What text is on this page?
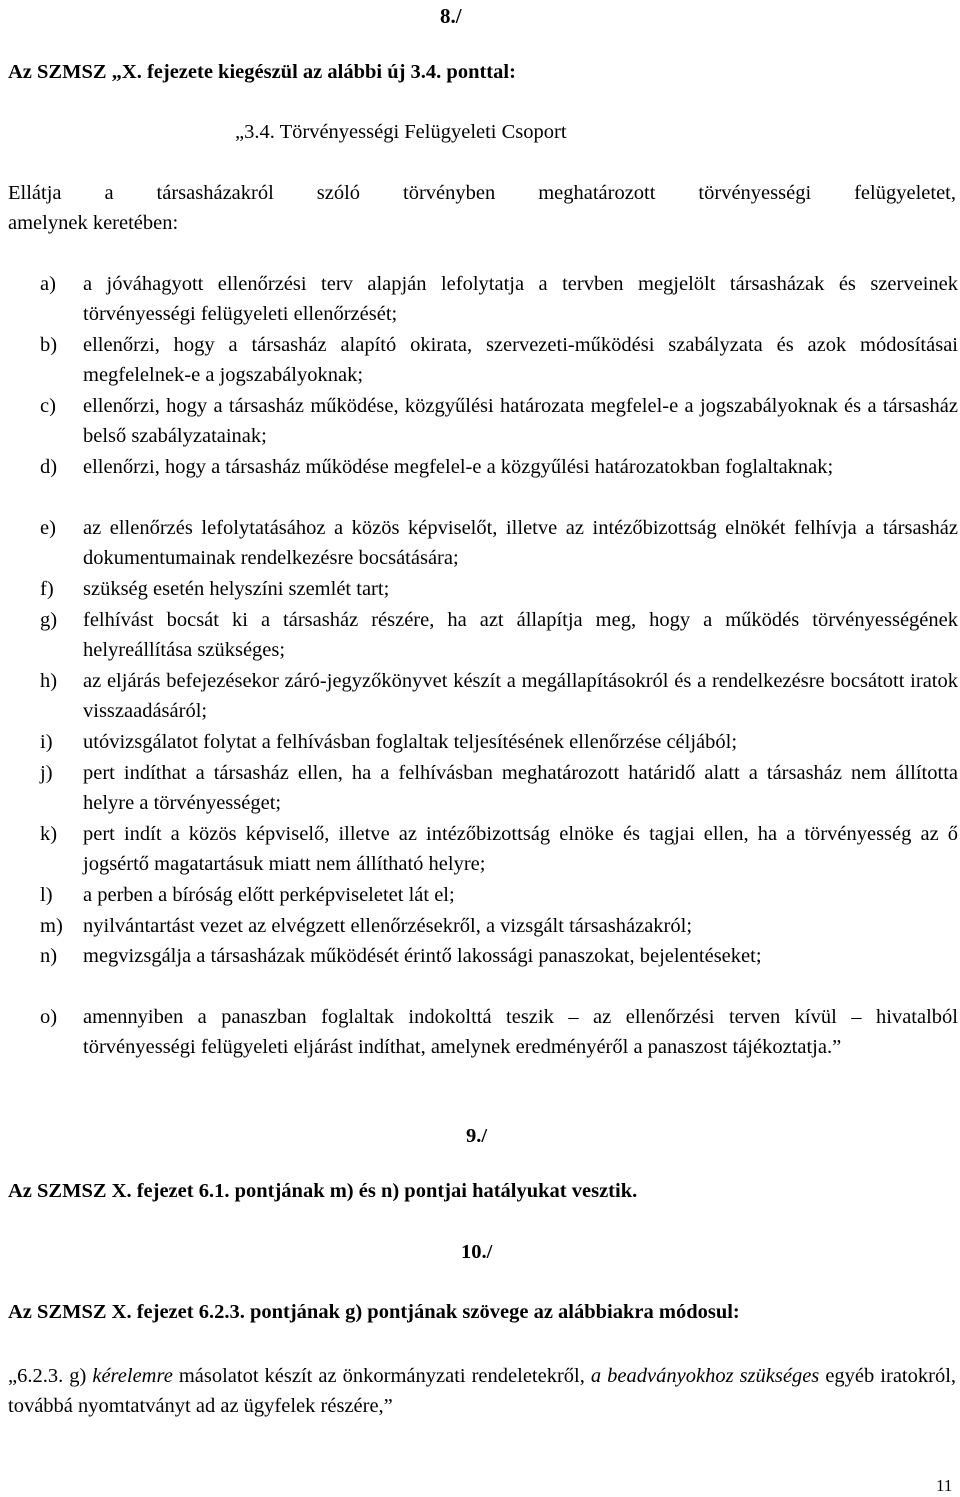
8./

Az SZMSZ „X. fejezete kiegészül az alábbi új 3.4. ponttal:

„3.4. Törvényességi Felügyeleti Csoport

Ellátja a társasházakról szóló törvényben meghatározott törvényességi felügyeletet,

amelynek keretében:

a) a jóváhagyott ellenőrzési terv alapján lefolytatja a tervben megjelölt társasházak és szerveinek törvényességi felügyeleti ellenőrzését;

b) ellenőrzi, hogy a társasház alapító okirata, szervezeti-működési szabályzata és azok módosításai megfelelnek-e a jogszabályoknak;

c) ellenőrzi, hogy a társasház működése, közgyűlési határozata megfelel-e a jogszabályoknak és a társasház belső szabályzatainak;

d) ellenőrzi, hogy a társasház működése megfelel-e a közgyűlési határozatokban foglaltaknak;

e) az ellenőrzés lefolytatásához a közös képviselőt, illetve az intézőbizottság elnökét felhívja a társasház dokumentumainak rendelkezésre bocsátására;

f) szükség esetén helyszíni szemlét tart;

g) felhívást bocsát ki a társasház részére, ha azt állapítja meg, hogy a működés törvényességének helyreállítása szükséges;

h) az eljárás befejezésekor záró-jegyzőkönyvet készít a megállapításokról és a rendelkezésre bocsátott iratok visszaadásáról;

i) utóvizsgálatot folytat a felhívásban foglaltak teljesítésének ellenőrzése céljából;

j) pert indíthat a társasház ellen, ha a felhívásban meghatározott határidő alatt a társasház nem állította helyre a törvényességet;

k) pert indít a közös képviselő, illetve az intézőbizottság elnöke és tagjai ellen, ha a törvényesség az ő jogsértő magatartásuk miatt nem állítható helyre;

l) a perben a bíróság előtt perképviseletet lát el;

m) nyilvántartást vezet az elvégzett ellenőrzésekről, a vizsgált társasházakról;

n) megvizsgálja a társasházak működését érintő lakossági panaszokat, bejelentéseket;

o) amennyiben a panaszban foglaltak indokolttá teszik – az ellenőrzési terven kívül – hivatalból törvényességi felügyeleti eljárást indíthat, amelynek eredményéről a panaszost tájékoztatja.”

9./

Az SZMSZ X. fejezet 6.1. pontjának m) és n) pontjai hatályukat vesztik.

10./

Az SZMSZ X. fejezet 6.2.3. pontjának g) pontjának szövege az alábbiakra módosul:

„6.2.3. g) kérelemre másolatot készít az önkormányzati rendeletekről, a beadványokhoz szükséges egyéb iratokról, továbbá nyomtatványt ad az ügyfelek részére,”

11
